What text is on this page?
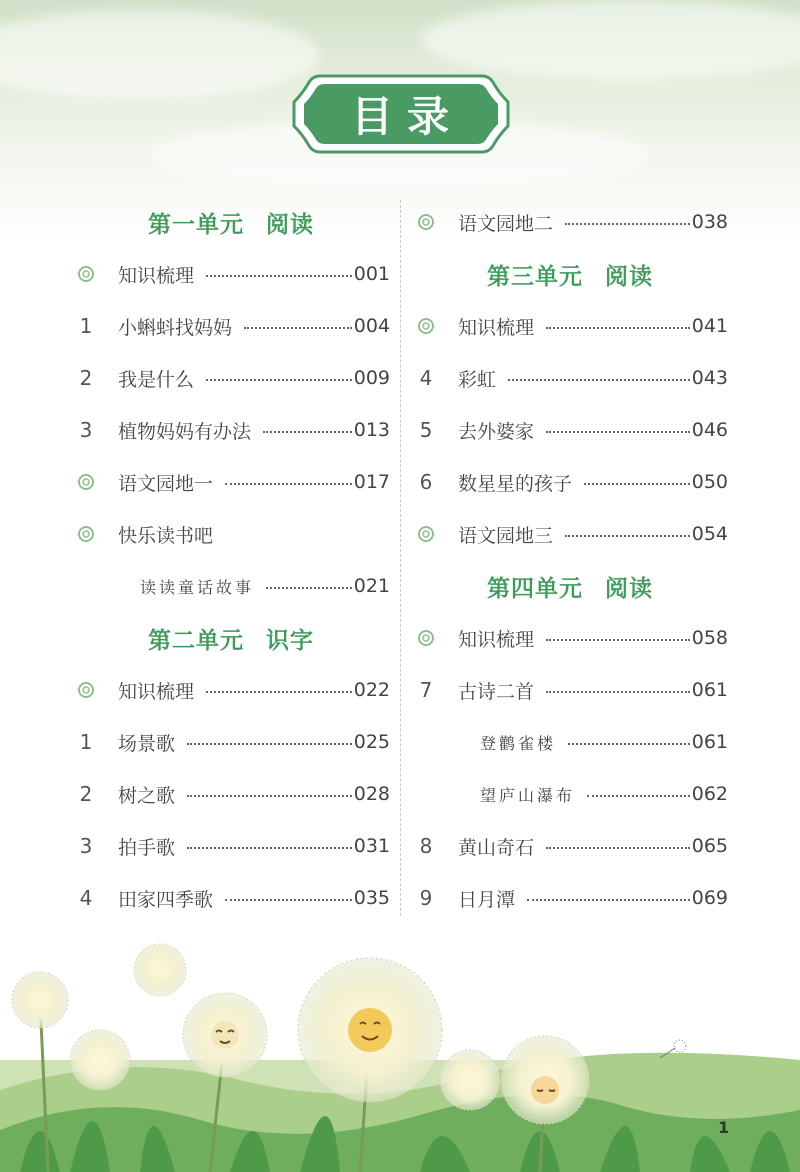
目录
第一单元 阅读
知识梳理	001
1	小蝌蚪找妈妈	004
2	我是什么	009
3	植物妈妈有办法	013
语文园地一	017
快乐读书吧
读读童话故事	021
第二单元 识字
知识梳理	022
1	场景歌	025
2	树之歌	028
3	拍手歌	031
4	田家四季歌	035
语文园地二	038
第三单元 阅读
知识梳理	041
4	彩虹	043
5	去外婆家	046
6	数星星的孩子	050
语文园地三	054
第四单元 阅读
知识梳理	058
7	古诗二首	061
登鹳雀楼	061
望庐山瀑布	062
8	黄山奇石	065
9	日月潭	069
1
